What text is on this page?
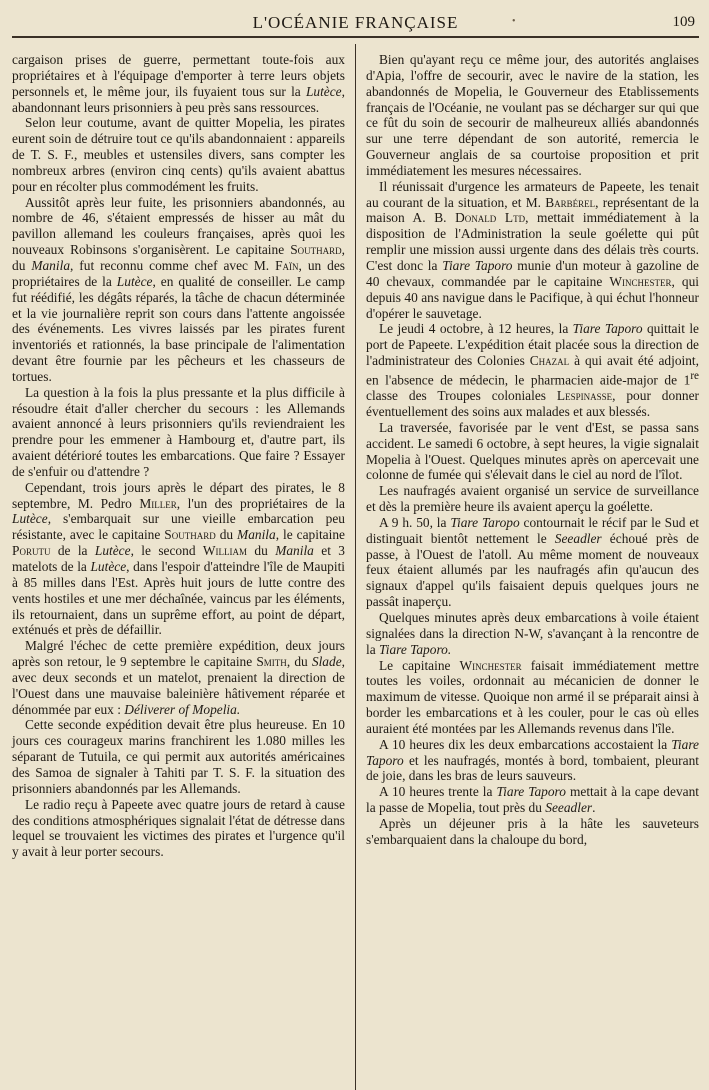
L'OCÉANIE FRANÇAISE	•	109

cargaison prises de guerre, permettant toute-fois aux propriétaires et à l'équipage d'emporter à terre leurs objets personnels et, le même jour, ils fuyaient tous sur la Lutèce, abandonnant leurs prisonniers à peu près sans ressources.

Selon leur coutume, avant de quitter Mopelia, les pirates eurent soin de détruire tout ce qu'ils abandonnaient : appareils de T. S. F., meubles et ustensiles divers, sans compter les nombreux arbres (environ cinq cents) qu'ils avaient abattus pour en récolter plus commodément les fruits.

Aussitôt après leur fuite, les prisonniers abandonnés, au nombre de 46, s'étaient empressés de hisser au mât du pavillon allemand les couleurs françaises, après quoi les nouveaux Robinsons s'organisèrent. Le capitaine Southard, du Manila, fut reconnu comme chef avec M. Faïn, un des propriétaires de la Lutèce, en qualité de conseiller. Le camp fut réédifié, les dégâts réparés, la tâche de chacun déterminée et la vie journalière reprit son cours dans l'attente angoissée des événements. Les vivres laissés par les pirates furent inventoriés et rationnés, la base principale de l'alimentation devant être fournie par les pêcheurs et les chasseurs de tortues.

La question à la fois la plus pressante et la plus difficile à résoudre était d'aller chercher du secours : les Allemands avaient annoncé à leurs prisonniers qu'ils reviendraient les prendre pour les emmener à Hambourg et, d'autre part, ils avaient détérioré toutes les embarcations. Que faire ? Essayer de s'enfuir ou d'attendre ?

Cependant, trois jours après le départ des pirates, le 8 septembre, M. Pedro Miller, l'un des propriétaires de la Lutèce, s'embarquait sur une vieille embarcation peu résistante, avec le capitaine Southard du Manila, le capitaine Porutu de la Lutèce, le second William du Manila et 3 matelots de la Lutèce, dans l'espoir d'atteindre l'île de Maupiti à 85 milles dans l'Est. Après huit jours de lutte contre des vents hostiles et une mer déchaînée, vaincus par les éléments, ils retournaient, dans un suprême effort, au point de départ, exténués et près de défaillir.

Malgré l'échec de cette première expédition, deux jours après son retour, le 9 septembre le capitaine Smith, du Slade, avec deux seconds et un matelot, prenaient la direction de l'Ouest dans une mauvaise baleinière hâtivement réparée et dénommée par eux : Déliverer of Mopelia.

Cette seconde expédition devait être plus heureuse. En 10 jours ces courageux marins franchirent les 1.080 milles les séparant de Tutuila, ce qui permit aux autorités américaines des Samoa de signaler à Tahiti par T. S. F. la situation des prisonniers abandonnés par les Allemands.

Le radio reçu à Papeete avec quatre jours de retard à cause des conditions atmosphériques signalait l'état de détresse dans lequel se trouvaient les victimes des pirates et l'urgence qu'il y avait à leur porter secours.

Bien qu'ayant reçu ce même jour, des autorités anglaises d'Apia, l'offre de secourir, avec le navire de la station, les abandonnés de Mopelia, le Gouverneur des Etablissements français de l'Océanie, ne voulant pas se décharger sur qui que ce fût du soin de secourir de malheureux alliés abandonnés sur une terre dépendant de son autorité, remercia le Gouverneur anglais de sa courtoise proposition et prit immédiatement les mesures nécessaires.

Il réunissait d'urgence les armateurs de Papeete, les tenait au courant de la situation, et M. Barbérel, représentant de la maison A. B. Donald Ltd, mettait immédiatement à la disposition de l'Administration la seule goélette qui pût remplir une mission aussi urgente dans des délais très courts. C'est donc la Tiare Taporo munie d'un moteur à gazoline de 40 chevaux, commandée par le capitaine Winchester, qui depuis 40 ans navigue dans le Pacifique, à qui échut l'honneur d'opérer le sauvetage.

Le jeudi 4 octobre, à 12 heures, la Tiare Taporo quittait le port de Papeete. L'expédition était placée sous la direction de l'administrateur des Colonies Chazal à qui avait été adjoint, en l'absence de médecin, le pharmacien aide-major de 1re classe des Troupes coloniales Lespinasse, pour donner éventuellement des soins aux malades et aux blessés.

La traversée, favorisée par le vent d'Est, se passa sans accident. Le samedi 6 octobre, à sept heures, la vigie signalait Mopelia à l'Ouest. Quelques minutes après on apercevait une colonne de fumée qui s'élevait dans le ciel au nord de l'îlot.

Les naufragés avaient organisé un service de surveillance et dès la première heure ils avaient aperçu la goélette.

A 9 h. 50, la Tiare Taropo contournait le récif par le Sud et distinguait bientôt nettement le Seeadler échoué près de passe, à l'Ouest de l'atoll. Au même moment de nouveaux feux étaient allumés par les naufragés afin qu'aucun des signaux d'appel qu'ils faisaient depuis quelques jours ne passât inaperçu.

Quelques minutes après deux embarcations à voile étaient signalées dans la direction N-W, s'avançant à la rencontre de la Tiare Taporo.

Le capitaine Winchester faisait immédiatement mettre toutes les voiles, ordonnait au mécanicien de donner le maximum de vitesse. Quoique non armé il se préparait ainsi à border les embarcations et à les couler, pour le cas où elles auraient été montées par les Allemands revenus dans l'île.

A 10 heures dix les deux embarcations accostaient la Tiare Taporo et les naufragés, montés à bord, tombaient, pleurant de joie, dans les bras de leurs sauveurs.

A 10 heures trente la Tiare Taporo mettait à la cape devant la passe de Mopelia, tout près du Seeadler.

Après un déjeuner pris à la hâte les sauveteurs s'embarquaient dans la chaloupe du bord,
